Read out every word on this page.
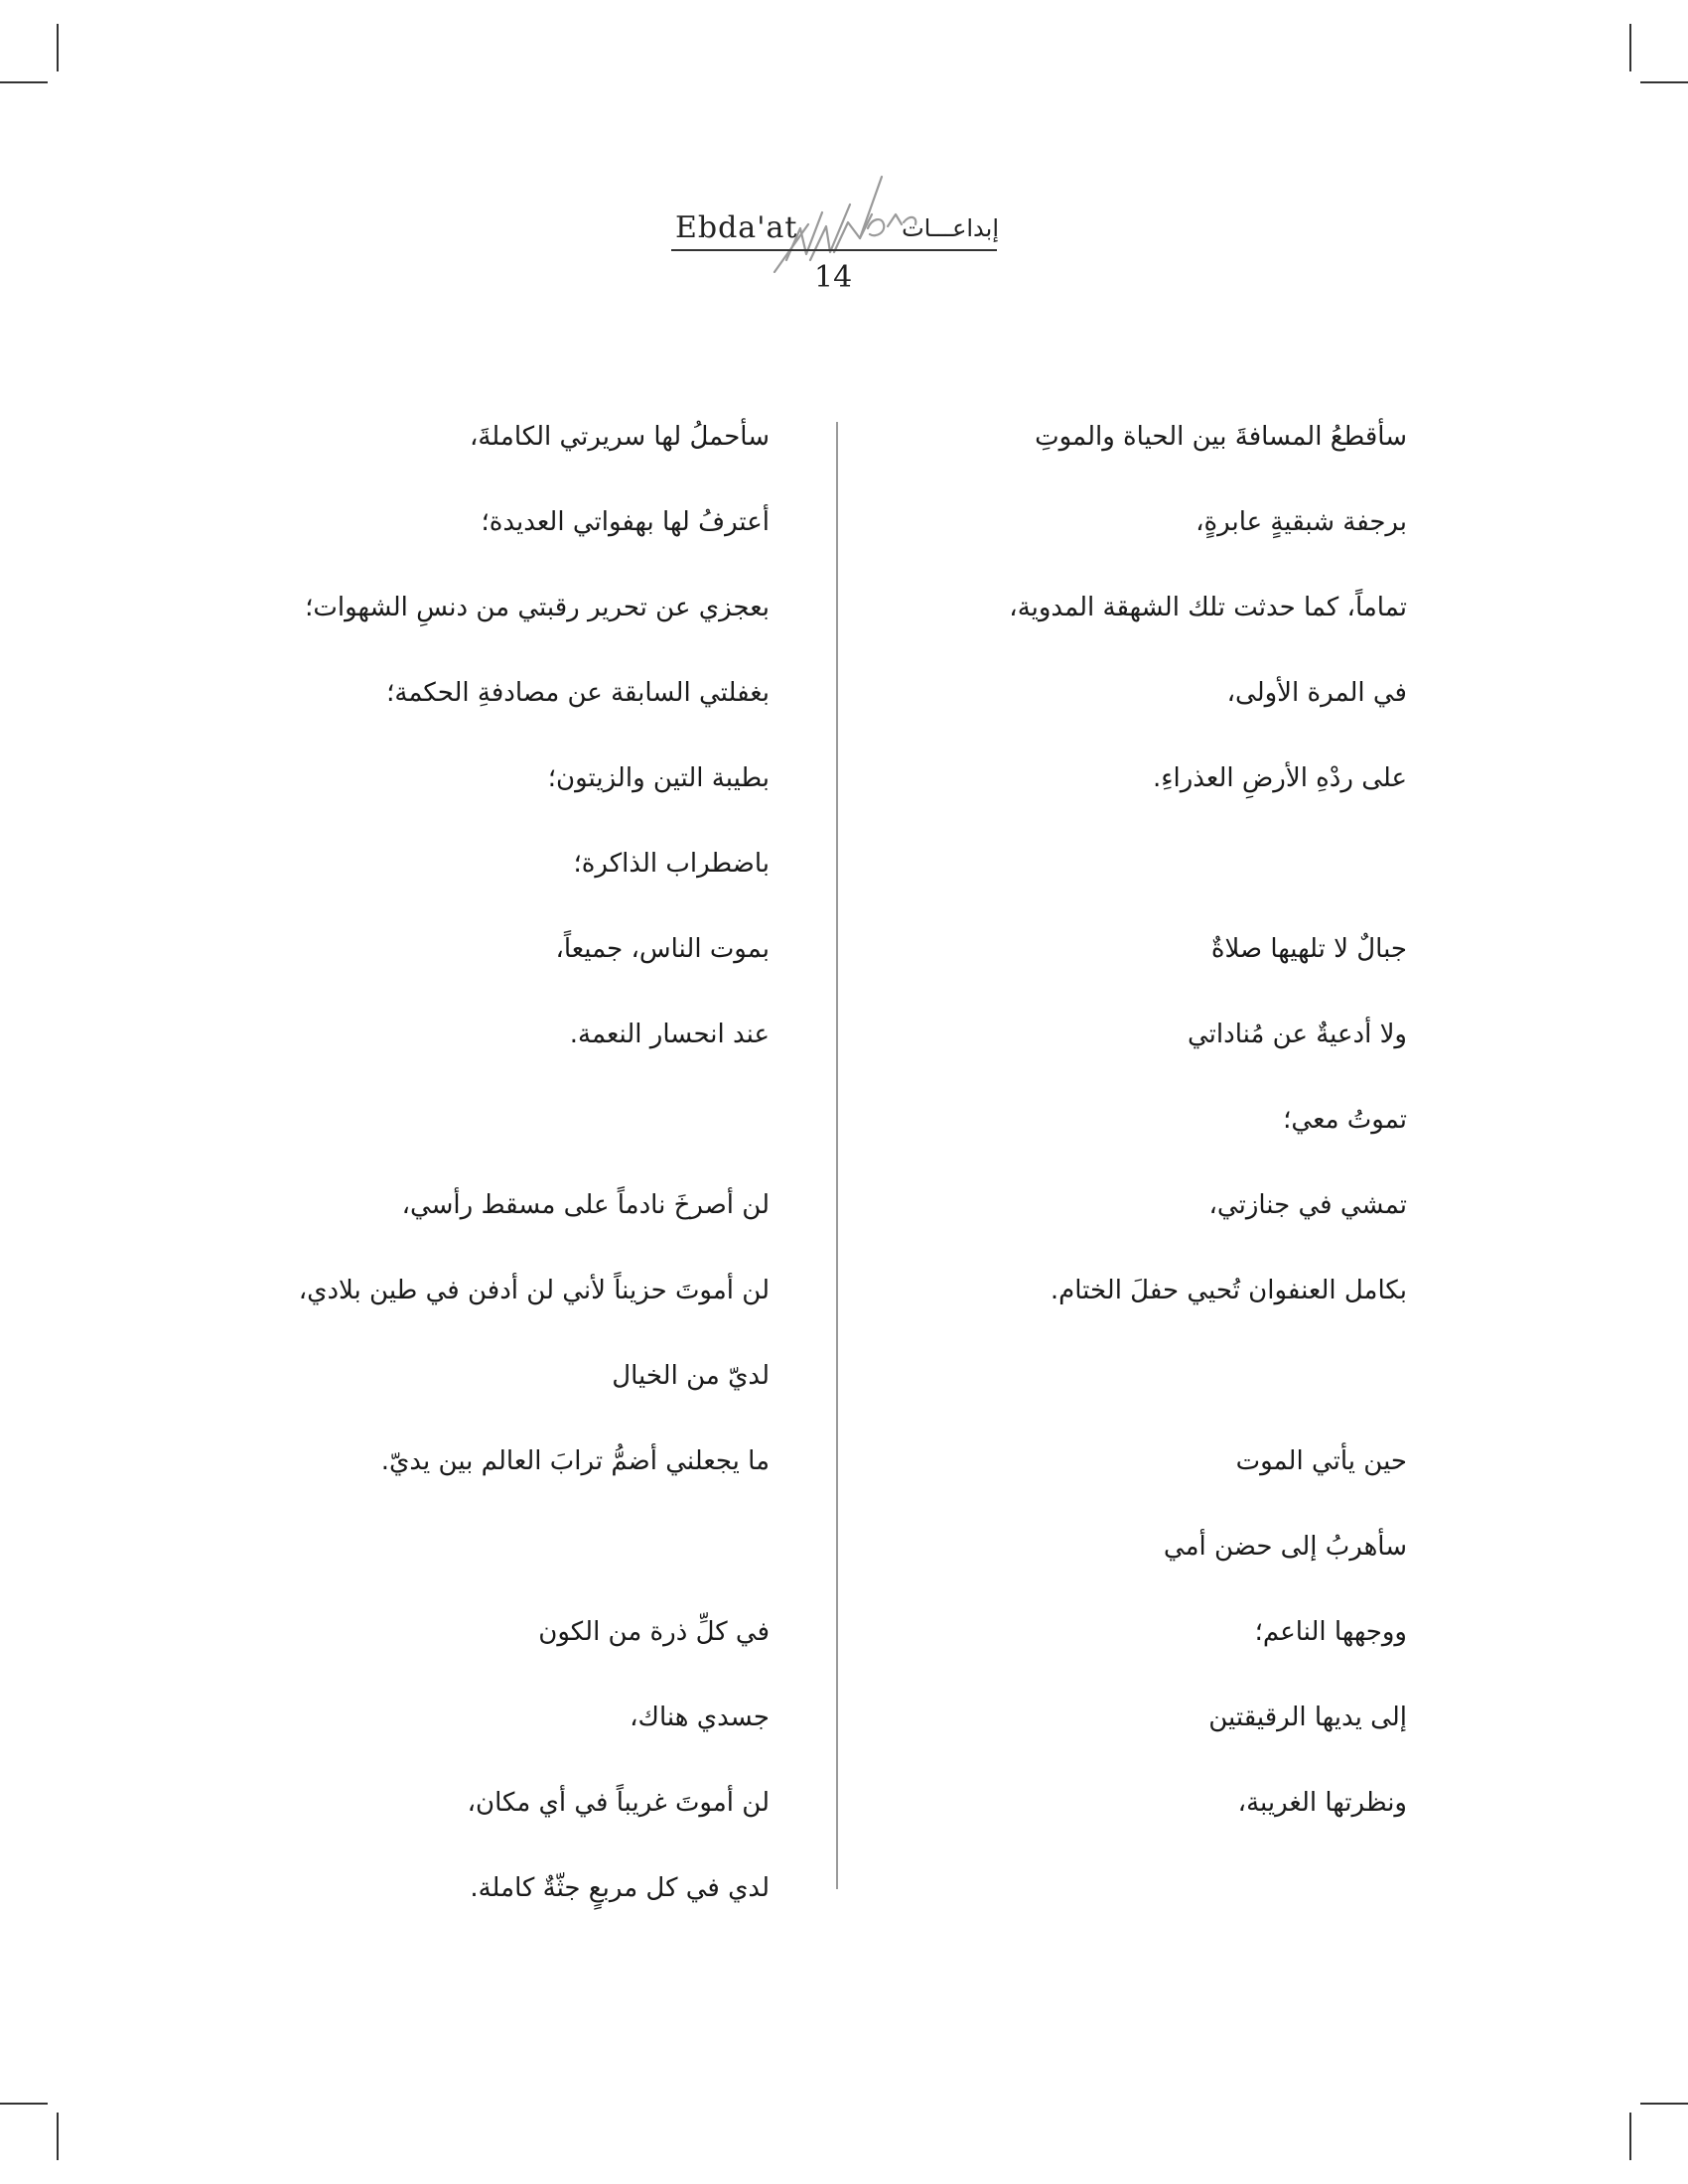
Ebda'at	إبداعـــات
14
سأقطعُ المسافةَ بين الحياة والموتِ
برجفة شبقيةٍ عابرةٍ،
تماماً، كما حدثت تلك الشهقة المدوية،
في المرة الأولى،
على ردْهِ الأرضِ العذراءِ.
جبالٌ لا تلهيها صلاةٌ
ولا أدعيةٌ عن مُناداتي
تموتُ معي؛
تمشي في جنازتي،
بكامل العنفوان تُحيي حفلَ الختام.
حين يأتي الموت
سأهربُ إلى حضن أمي
ووجهها الناعم؛
إلى يديها الرقيقتين
ونظرتها الغريبة،
سأحملُ لها سريرتي الكاملةَ،
أعترفُ لها بهفواتي العديدة؛
بعجزي عن تحرير رقبتي من دنسِ الشهوات؛
بغفلتي السابقة عن مصادفةِ الحكمة؛
بطيبة التين والزيتون؛
باضطراب الذاكرة؛
بموت الناس، جميعاً،
عند انحسار النعمة.
لن أصرخَ نادماً على مسقط رأسي،
لن أموتَ حزيناً لأني لن أدفن في طين بلادي،
لديّ من الخيال
ما يجعلني أضمُّ ترابَ العالم بين يديّ.
في كلِّ ذرة من الكون
جسدي هناك،
لن أموتَ غريباً في أي مكان،
لدي في كل مربعٍ جثّةٌ كاملة.
